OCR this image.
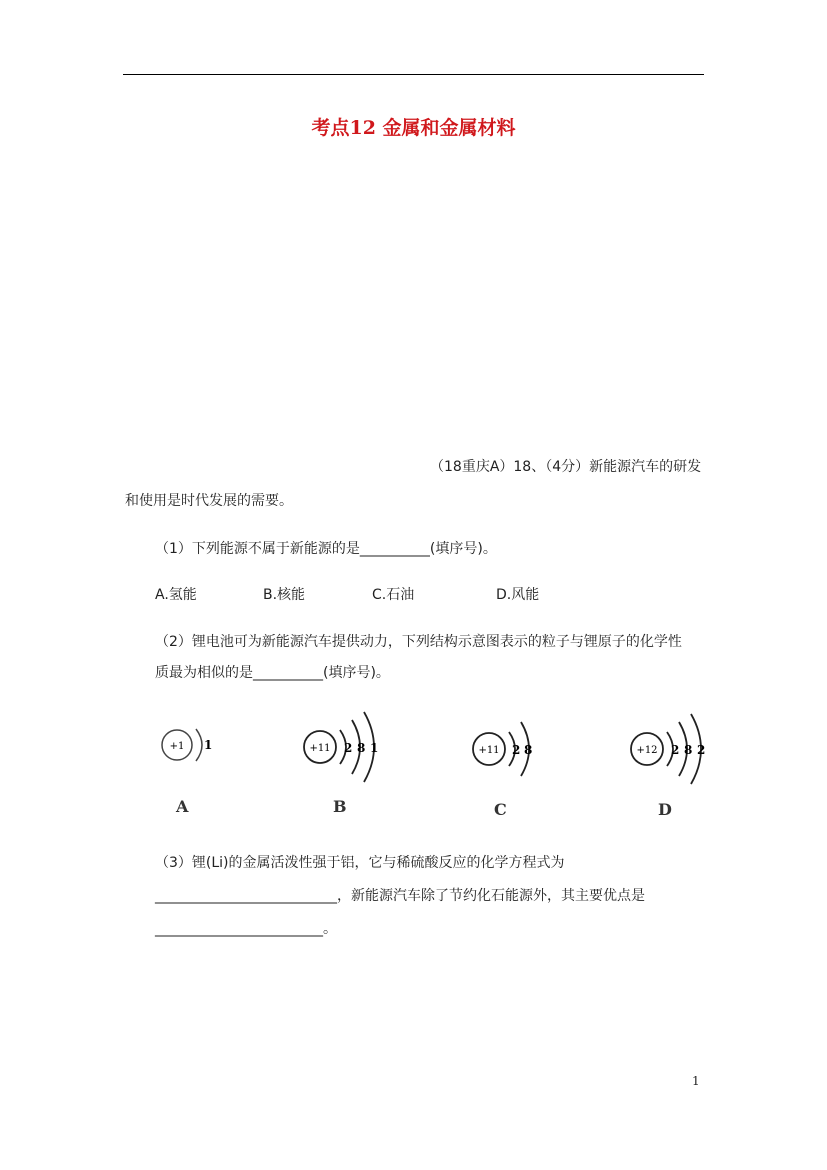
考点12 金属和金属材料
（18重庆A）18、（4分）新能源汽车的研发
和使用是时代发展的需要。
（1）下列能源不属于新能源的是__________(填序号)。
A.氢能	B.核能	C.石油	D.风能
（2）锂电池可为新能源汽车提供动力，下列结构示意图表示的粒子与锂原子的化学性
质最为相似的是__________(填序号)。
+1 1
A
+11 2 8 1
B
+11 2 8
C
+12 2 8 2
D
（3）锂(Li)的金属活泼性强于铝，它与稀硫酸反应的化学方程式为
__________________________，新能源汽车除了节约化石能源外，其主要优点是
________________________。
1
